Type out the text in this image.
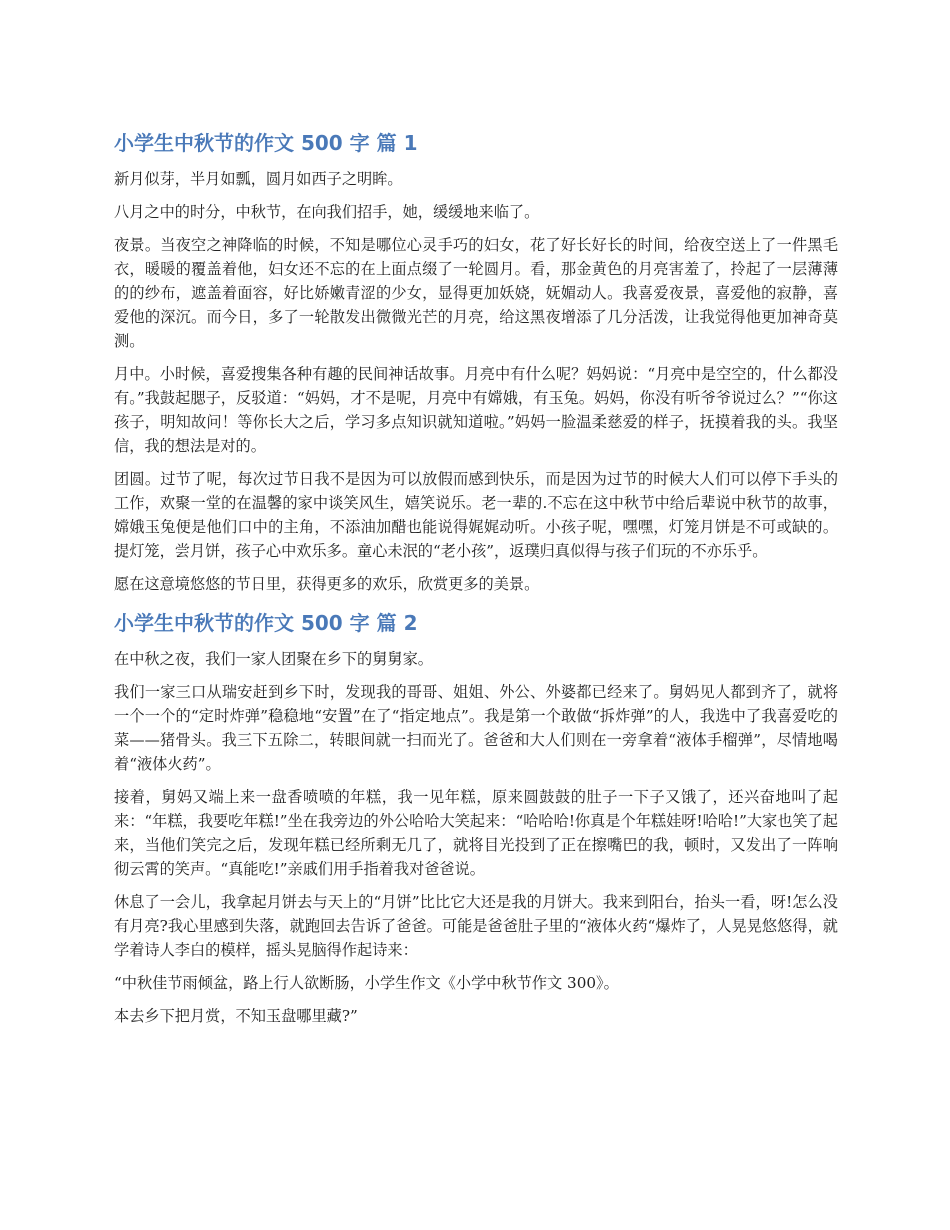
小学生中秋节的作文 500 字 篇 1

新月似芽，半月如瓢，圆月如西子之明眸。

八月之中的时分，中秋节，在向我们招手，她，缓缓地来临了。

夜景。当夜空之神降临的时候，不知是哪位心灵手巧的妇女，花了好长好长的时间，给夜空送上了一件黑毛衣，暖暖的覆盖着他，妇女还不忘的在上面点缀了一轮圆月。看，那金黄色的月亮害羞了，拎起了一层薄薄的的纱布，遮盖着面容，好比娇嫩青涩的少女，显得更加妖娆，妩媚动人。我喜爱夜景，喜爱他的寂静，喜爱他的深沉。而今日，多了一轮散发出微微光芒的月亮，给这黑夜增添了几分活泼，让我觉得他更加神奇莫测。

月中。小时候，喜爱搜集各种有趣的民间神话故事。月亮中有什么呢？妈妈说：“月亮中是空空的，什么都没有。”我鼓起腮子，反驳道：“妈妈，才不是呢，月亮中有嫦娥，有玉兔。妈妈，你没有听爷爷说过么？”“你这孩子，明知故问！等你长大之后，学习多点知识就知道啦。”妈妈一脸温柔慈爱的样子，抚摸着我的头。我坚信，我的想法是对的。

团圆。过节了呢，每次过节日我不是因为可以放假而感到快乐，而是因为过节的时候大人们可以停下手头的工作，欢聚一堂的在温馨的家中谈笑风生，嬉笑说乐。老一辈的.不忘在这中秋节中给后辈说中秋节的故事，嫦娥玉兔便是他们口中的主角，不添油加醋也能说得娓娓动听。小孩子呢，嘿嘿，灯笼月饼是不可或缺的。提灯笼，尝月饼，孩子心中欢乐多。童心未泯的“老小孩”，返璞归真似得与孩子们玩的不亦乐乎。

愿在这意境悠悠的节日里，获得更多的欢乐，欣赏更多的美景。

小学生中秋节的作文 500 字 篇 2

在中秋之夜，我们一家人团聚在乡下的舅舅家。

我们一家三口从瑞安赶到乡下时，发现我的哥哥、姐姐、外公、外婆都已经来了。舅妈见人都到齐了，就将一个一个的“定时炸弹”稳稳地“安置”在了“指定地点”。我是第一个敢做“拆炸弹”的人，我选中了我喜爱吃的菜——猪骨头。我三下五除二，转眼间就一扫而光了。爸爸和大人们则在一旁拿着“液体手榴弹”，尽情地喝着“液体火药”。

接着，舅妈又端上来一盘香喷喷的年糕，我一见年糕，原来圆鼓鼓的肚子一下子又饿了，还兴奋地叫了起来：“年糕，我要吃年糕!”坐在我旁边的外公哈哈大笑起来：“哈哈哈!你真是个年糕娃呀!哈哈!”大家也笑了起来，当他们笑完之后，发现年糕已经所剩无几了，就将目光投到了正在擦嘴巴的我，顿时，又发出了一阵响彻云霄的笑声。“真能吃!”亲戚们用手指着我对爸爸说。

休息了一会儿，我拿起月饼去与天上的“月饼”比比它大还是我的月饼大。我来到阳台，抬头一看，呀!怎么没有月亮?我心里感到失落，就跑回去告诉了爸爸。可能是爸爸肚子里的“液体火药“爆炸了，人晃晃悠悠得，就学着诗人李白的模样，摇头晃脑得作起诗来：

“中秋佳节雨倾盆，路上行人欲断肠，小学生作文《小学中秋节作文 300》。

本去乡下把月赏，不知玉盘哪里藏?”
